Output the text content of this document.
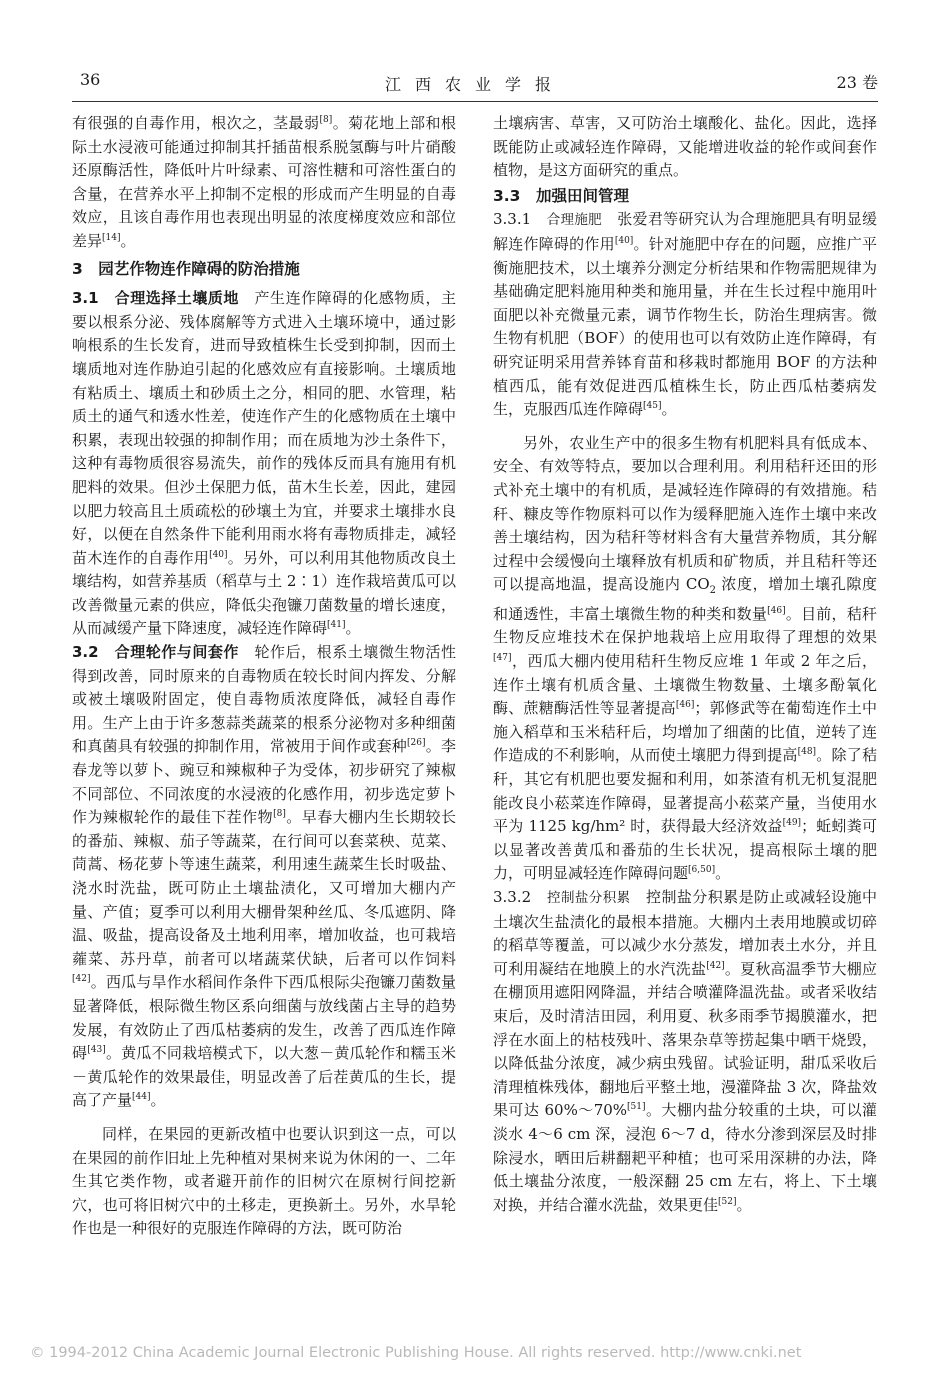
36	江西农业学报	23 卷

有很强的自毒作用，根次之，茎最弱[8]。菊花地上部和根际土水浸液可能通过抑制其扦插苗根系脱氢酶与叶片硝酸还原酶活性，降低叶片叶绿素、可溶性糖和可溶性蛋白的含量，在营养水平上抑制不定根的形成而产生明显的自毒效应，且该自毒作用也表现出明显的浓度梯度效应和部位差异[14]。

3　园艺作物连作障碍的防治措施

3.1　合理选择土壤质地　产生连作障碍的化感物质，主要以根系分泌、残体腐解等方式进入土壤环境中，通过影响根系的生长发育，进而导致植株生长受到抑制，因而土壤质地对连作胁迫引起的化感效应有直接影响。土壤质地有粘质土、壤质土和砂质土之分，相同的肥、水管理，粘质土的通气和透水性差，使连作产生的化感物质在土壤中积累，表现出较强的抑制作用；而在质地为沙土条件下，这种有毒物质很容易流失，前作的残体反而具有施用有机肥料的效果。但沙土保肥力低，苗木生长差，因此，建园以肥力较高且土质疏松的砂壤土为宜，并要求土壤排水良好，以便在自然条件下能利用雨水将有毒物质排走，减轻苗木连作的自毒作用[40]。另外，可以利用其他物质改良土壤结构，如营养基质（稻草与土 2∶1）连作栽培黄瓜可以改善微量元素的供应，降低尖孢镰刀菌数量的增长速度，从而减缓产量下降速度，减轻连作障碍[41]。

3.2　合理轮作与间套作　轮作后，根系土壤微生物活性得到改善，同时原来的自毒物质在较长时间内挥发、分解或被土壤吸附固定，使自毒物质浓度降低，减轻自毒作用。生产上由于许多葱蒜类蔬菜的根系分泌物对多种细菌和真菌具有较强的抑制作用，常被用于间作或套种[26]。李春龙等以萝卜、豌豆和辣椒种子为受体，初步研究了辣椒不同部位、不同浓度的水浸液的化感作用，初步选定萝卜作为辣椒轮作的最佳下茬作物[8]。早春大棚内生长期较长的番茄、辣椒、茄子等蔬菜，在行间可以套菜秧、苋菜、茼蒿、杨花萝卜等速生蔬菜，利用速生蔬菜生长时吸盐、浇水时洗盐，既可防止土壤盐渍化，又可增加大棚内产量、产值；夏季可以利用大棚骨架种丝瓜、冬瓜遮阴、降温、吸盐，提高设备及土地利用率，增加收益，也可栽培蕹菜、苏丹草，前者可以堵蔬菜伏缺，后者可以作饲料[42]。西瓜与旱作水稻间作条件下西瓜根际尖孢镰刀菌数量显著降低，根际微生物区系向细菌与放线菌占主导的趋势发展，有效防止了西瓜枯萎病的发生，改善了西瓜连作障碍[43]。黄瓜不同栽培模式下，以大葱－黄瓜轮作和糯玉米－黄瓜轮作的效果最佳，明显改善了后茬黄瓜的生长，提高了产量[44]。

同样，在果园的更新改植中也要认识到这一点，可以在果园的前作旧址上先种植对果树来说为休闲的一、二年生其它类作物，或者避开前作的旧树穴在原树行间挖新穴，也可将旧树穴中的土移走，更换新土。另外，水旱轮作也是一种很好的克服连作障碍的方法，既可防治

土壤病害、草害，又可防治土壤酸化、盐化。因此，选择既能防止或减轻连作障碍，又能增进收益的轮作或间套作植物，是这方面研究的重点。

3.3　加强田间管理

3.3.1　合理施肥　张爱君等研究认为合理施肥具有明显缓解连作障碍的作用[40]。针对施肥中存在的问题，应推广平衡施肥技术，以土壤养分测定分析结果和作物需肥规律为基础确定肥料施用种类和施用量，并在生长过程中施用叶面肥以补充微量元素，调节作物生长，防治生理病害。微生物有机肥（BOF）的使用也可以有效防止连作障碍，有研究证明采用营养钵育苗和移栽时都施用 BOF 的方法种植西瓜，能有效促进西瓜植株生长，防止西瓜枯萎病发生，克服西瓜连作障碍[45]。

另外，农业生产中的很多生物有机肥料具有低成本、安全、有效等特点，要加以合理利用。利用秸秆还田的形式补充土壤中的有机质，是减轻连作障碍的有效措施。秸秆、糠皮等作物原料可以作为缓释肥施入连作土壤中来改善土壤结构，因为秸秆等材料含有大量营养物质，其分解过程中会缓慢向土壤释放有机质和矿物质，并且秸秆等还可以提高地温，提高设施内 $CO_2$ 浓度，增加土壤孔隙度和通透性，丰富土壤微生物的种类和数量[46]。目前，秸秆生物反应堆技术在保护地栽培上应用取得了理想的效果[47]，西瓜大棚内使用秸秆生物反应堆 1 年或 2 年之后，连作土壤有机质含量、土壤微生物数量、土壤多酚氧化酶、蔗糖酶活性等显著提高[46]；郭修武等在葡萄连作土中施入稻草和玉米秸秆后，均增加了细菌的比值，逆转了连作造成的不利影响，从而使土壤肥力得到提高[48]。除了秸秆，其它有机肥也要发掘和利用，如茶渣有机无机复混肥能改良小菘菜连作障碍，显著提高小菘菜产量，当使用水平为 1125 kg/hm² 时，获得最大经济效益[49]；蚯蚓粪可以显著改善黄瓜和番茄的生长状况，提高根际土壤的肥力，可明显减轻连作障碍问题[6,50]。

3.3.2　控制盐分积累　控制盐分积累是防止或减轻设施中土壤次生盐渍化的最根本措施。大棚内土表用地膜或切碎的稻草等覆盖，可以减少水分蒸发，增加表土水分，并且可利用凝结在地膜上的水汽洗盐[42]。夏秋高温季节大棚应在棚顶用遮阳网降温，并结合喷灌降温洗盐。或者采收结束后，及时清洁田园，利用夏、秋多雨季节揭膜灌水，把浮在水面上的枯枝残叶、落果杂草等捞起集中晒干烧毁，以降低盐分浓度，减少病虫残留。试验证明，甜瓜采收后清理植株残体，翻地后平整土地，漫灌降盐 3 次，降盐效果可达 60%～70%[51]。大棚内盐分较重的土块，可以灌淡水 4～6 cm 深，浸泡 6～7 d，待水分渗到深层及时排除浸水，晒田后耕翻耙平种植；也可采用深耕的办法，降低土壤盐分浓度，一般深翻 25 cm 左右，将上、下土壤对换，并结合灌水洗盐，效果更佳[52]。

© 1994-2012 China Academic Journal Electronic Publishing House. All rights reserved. http://www.cnki.net
